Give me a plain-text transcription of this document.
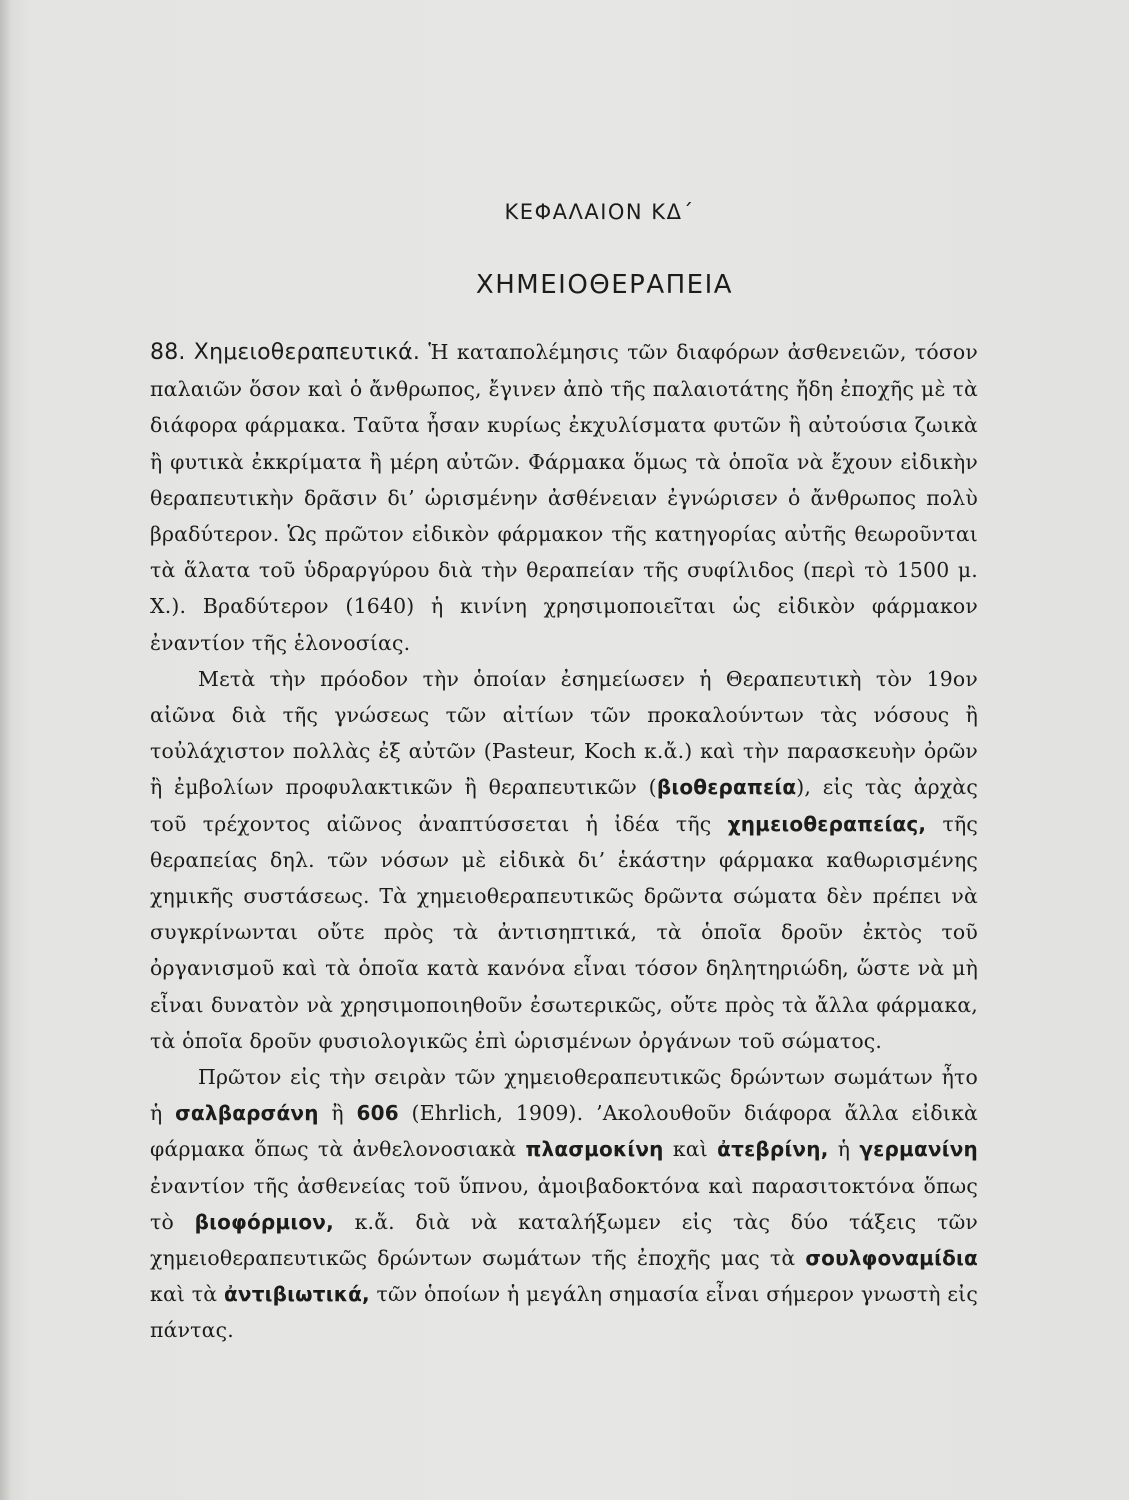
ΚΕΦΑΛΑΙΟΝ ΚΔ΄
ΧΗΜΕΙΟΘΕΡΑΠΕΙΑ

88. Χημειοθεραπευτικά. Ἡ καταπολέμησις τῶν διαφόρων ἀσθενειῶν, τόσον παλαιῶν ὅσον καὶ ὁ ἄνθρωπος, ἔγινεν ἀπὸ τῆς παλαιοτάτης ἤδη ἐποχῆς μὲ τὰ διάφορα φάρμακα. Ταῦτα ἦσαν κυρίως ἐκχυλίσματα φυτῶν ἢ αὐτούσια ζωικὰ ἢ φυτικὰ ἐκκρίματα ἢ μέρη αὐτῶν. Φάρμακα ὅμως τὰ ὁποῖα νὰ ἔχουν εἰδικὴν θεραπευτικὴν δρᾶσιν δι’ ὡρισμένην ἀσθένειαν ἐγνώρισεν ὁ ἄνθρωπος πολὺ βραδύτερον. Ὡς πρῶτον εἰδικὸν φάρμακον τῆς κατηγορίας αὐτῆς θεωροῦνται τὰ ἅλατα τοῦ ὑδραργύρου διὰ τὴν θεραπείαν τῆς συφίλιδος (περὶ τὸ 1500 μ. Χ.). Βραδύτερον (1640) ἡ κινίνη χρησιμοποιεῖται ὡς εἰδικὸν φάρμακον ἐναντίον τῆς ἑλονοσίας.

Μετὰ τὴν πρόοδον τὴν ὁποίαν ἐσημείωσεν ἡ Θεραπευτικὴ τὸν 19ον αἰῶνα διὰ τῆς γνώσεως τῶν αἰτίων τῶν προκαλούντων τὰς νόσους ἢ τοὐλάχιστον πολλὰς ἐξ αὐτῶν (Pasteur, Koch κ.ἄ.) καὶ τὴν παρασκευὴν ὀρῶν ἢ ἐμβολίων προφυλακτικῶν ἢ θεραπευτικῶν (βιοθεραπεία), εἰς τὰς ἀρχὰς τοῦ τρέχοντος αἰῶνος ἀναπτύσσεται ἡ ἰδέα τῆς χημειοθεραπείας, τῆς θεραπείας δηλ. τῶν νόσων μὲ εἰδικὰ δι’ ἑκάστην φάρμακα καθωρισμένης χημικῆς συστάσεως. Τὰ χημειοθεραπευτικῶς δρῶντα σώματα δὲν πρέπει νὰ συγκρίνωνται οὔτε πρὸς τὰ ἀντισηπτικά, τὰ ὁποῖα δροῦν ἐκτὸς τοῦ ὀργανισμοῦ καὶ τὰ ὁποῖα κατὰ κανόνα εἶναι τόσον δηλητηριώδη, ὥστε νὰ μὴ εἶναι δυνατὸν νὰ χρησιμοποιηθοῦν ἐσωτερικῶς, οὔτε πρὸς τὰ ἄλλα φάρμακα, τὰ ὁποῖα δροῦν φυσιολογικῶς ἐπὶ ὡρισμένων ὀργάνων τοῦ σώματος.

Πρῶτον εἰς τὴν σειρὰν τῶν χημειοθεραπευτικῶς δρώντων σωμάτων ἦτο ἡ σαλβαρσάνη ἢ 606 (Ehrlich, 1909). ’Ακολουθοῦν διάφορα ἄλλα εἰδικὰ φάρμακα ὅπως τὰ ἀνθελονοσιακὰ πλασμοκίνη καὶ ἀτεβρίνη, ἡ γερμανίνη ἐναντίον τῆς ἀσθενείας τοῦ ὕπνου, ἀμοιβαδοκτόνα καὶ παρασιτοκτόνα ὅπως τὸ βιοφόρμιον, κ.ἄ. διὰ νὰ καταλήξωμεν εἰς τὰς δύο τάξεις τῶν χημειοθεραπευτικῶς δρώντων σωμάτων τῆς ἐποχῆς μας τὰ σουλφοναμίδια καὶ τὰ ἀντιβιωτικά, τῶν ὁποίων ἡ μεγάλη σημασία εἶναι σήμερον γνωστὴ εἰς πάντας.
